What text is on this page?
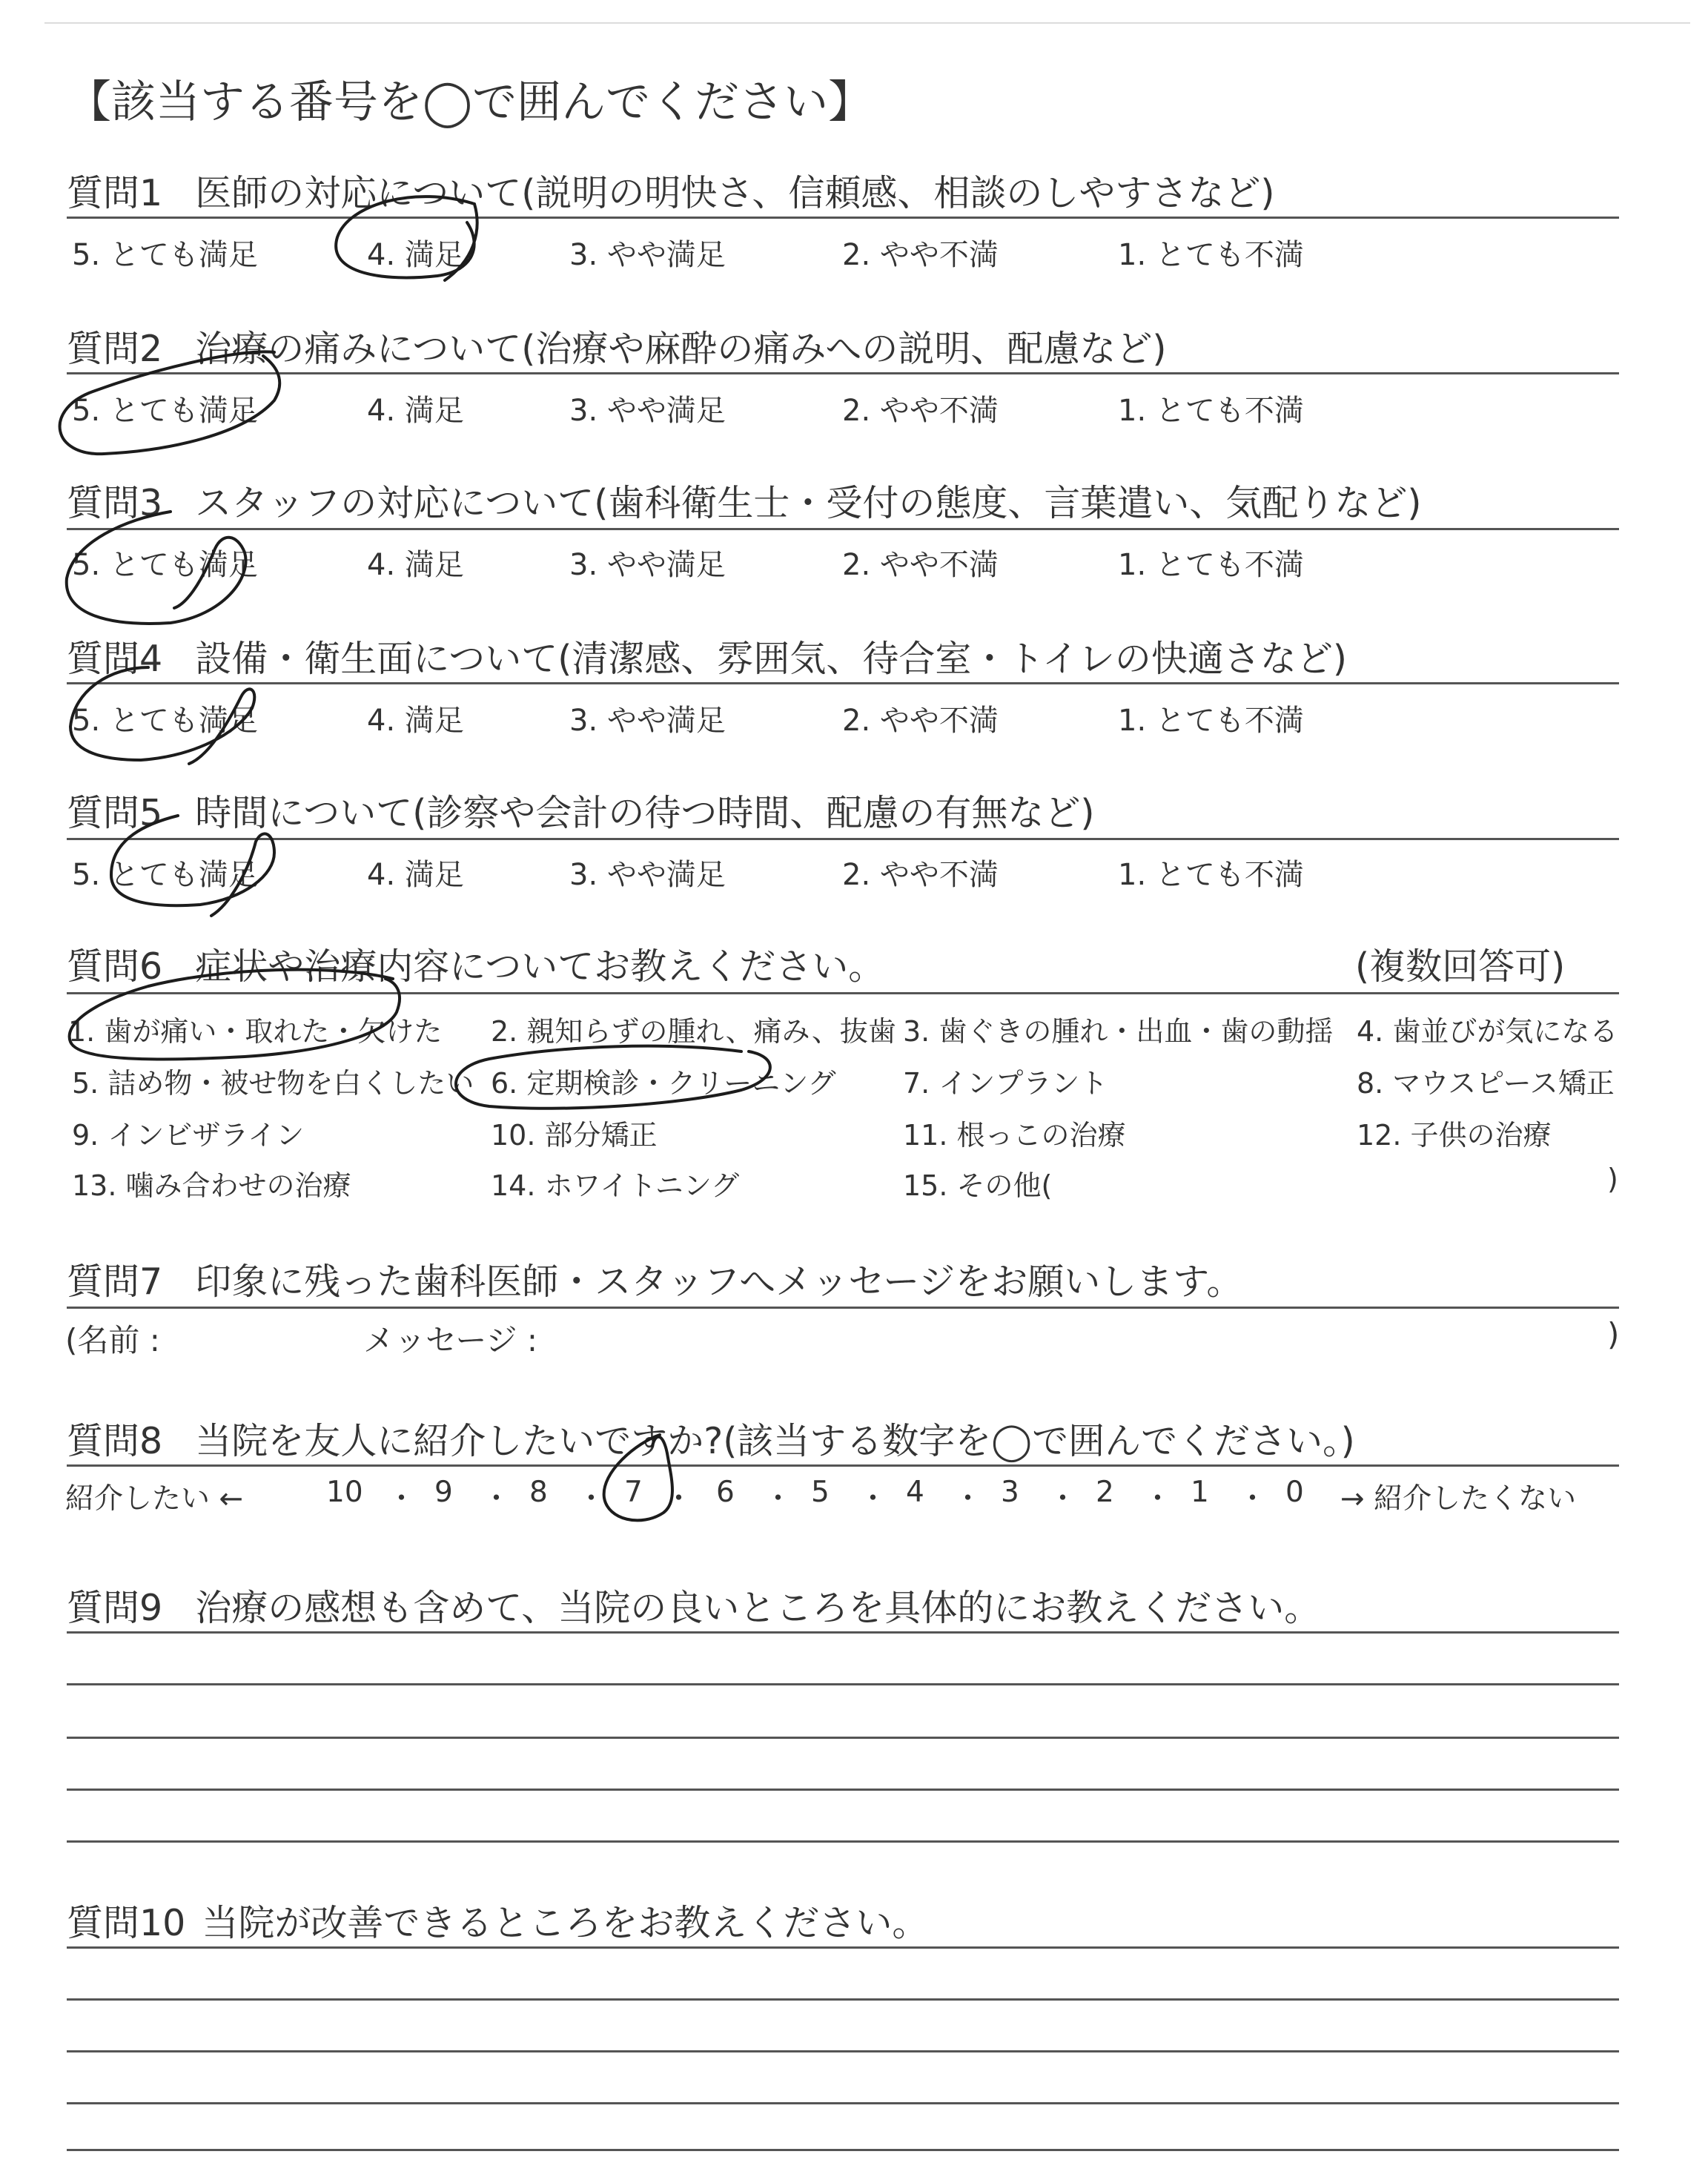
【該当する番号を◯で囲んでください】
質問1 医師の対応について(説明の明快さ、信頼感、相談のしやすさなど)
5. とても満足	4. 満足	3. やや満足	2. やや不満	1. とても不満
質問2 治療の痛みについて(治療や麻酔の痛みへの説明、配慮など)
5. とても満足	4. 満足	3. やや満足	2. やや不満	1. とても不満
質問3 スタッフの対応について(歯科衛生士・受付の態度、言葉遣い、気配りなど)
5. とても満足	4. 満足	3. やや満足	2. やや不満	1. とても不満
質問4 設備・衛生面について(清潔感、雰囲気、待合室・トイレの快適さなど)
5. とても満足	4. 満足	3. やや満足	2. やや不満	1. とても不満
質問5 時間について(診察や会計の待つ時間、配慮の有無など)
5. とても満足	4. 満足	3. やや満足	2. やや不満	1. とても不満
質問6 症状や治療内容についてお教えください。	(複数回答可)
1. 歯が痛い・取れた・欠けた 2. 親知らずの腫れ、痛み、抜歯 3. 歯ぐきの腫れ・出血・歯の動揺 4. 歯並びが気になる
5. 詰め物・被せ物を白くしたい 6. 定期検診・クリーニング 7. インプラント	8. マウスピース矯正
9. インビザライン	10. 部分矯正	11. 根っこの治療	12. 子供の治療
13. 噛み合わせの治療	14. ホワイトニング	15. その他(	)
質問7 印象に残った歯科医師・スタッフへメッセージをお願いします。
(名前 :	メッセージ :	)
質問8 当院を友人に紹介したいですか?(該当する数字を◯で囲んでください。)
紹介したい ←	10 ・ 9 ・ 8 ・ 7 ・ 6 ・ 5 ・ 4 ・ 3 ・ 2 ・ 1 ・ 0 → 紹介したくない
質問9 治療の感想も含めて、当院の良いところを具体的にお教えください。
質問10 当院が改善できるところをお教えください。
